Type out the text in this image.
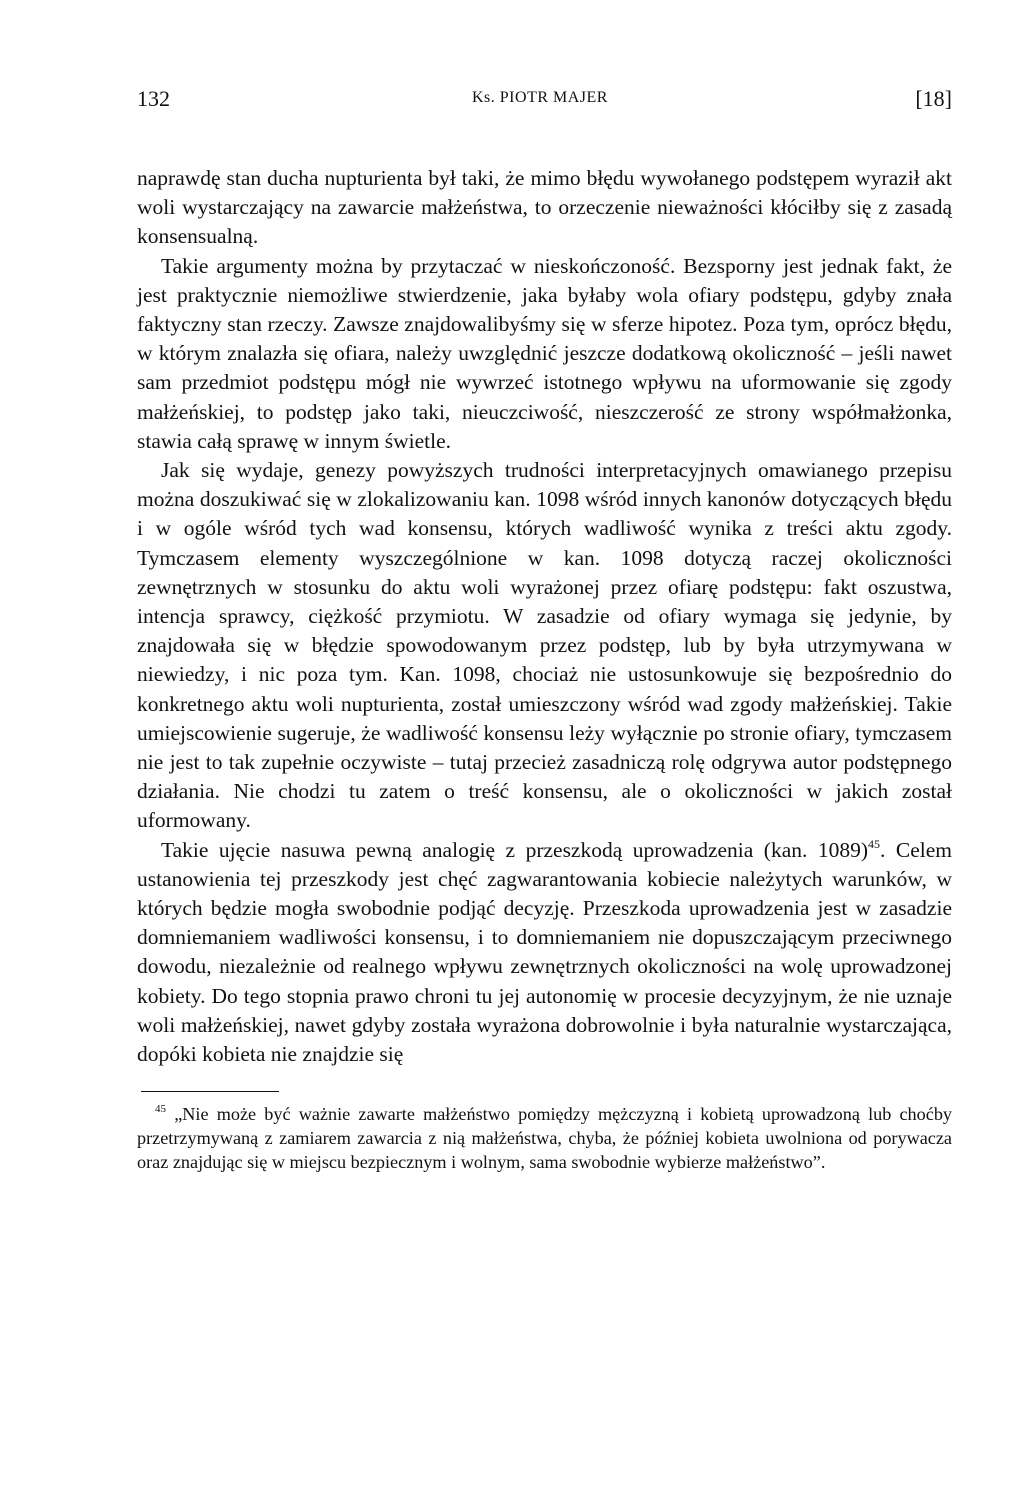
132	Ks. PIOTR MAJER	[18]

naprawdę stan ducha nupturienta był taki, że mimo błędu wywołanego podstępem wyraził akt woli wystarczający na zawarcie małżeństwa, to orzeczenie nieważności kłóciłby się z zasadą konsensualną.

Takie argumenty można by przytaczać w nieskończoność. Bezsporny jest jednak fakt, że jest praktycznie niemożliwe stwierdzenie, jaka byłaby wola ofiary podstępu, gdyby znała faktyczny stan rzeczy. Zawsze znajdowalibyśmy się w sferze hipotez. Poza tym, oprócz błędu, w którym znalazła się ofiara, należy uwzględnić jeszcze dodatkową okoliczność – jeśli nawet sam przedmiot podstępu mógł nie wywrzeć istotnego wpływu na uformowanie się zgody małżeńskiej, to podstęp jako taki, nieuczciwość, nieszczerość ze strony współmałżonka, stawia całą sprawę w innym świetle.

Jak się wydaje, genezy powyższych trudności interpretacyjnych omawianego przepisu można doszukiwać się w zlokalizowaniu kan. 1098 wśród innych kanonów dotyczących błędu i w ogóle wśród tych wad konsensu, których wadliwość wynika z treści aktu zgody. Tymczasem elementy wyszczególnione w kan. 1098 dotyczą raczej okoliczności zewnętrznych w stosunku do aktu woli wyrażonej przez ofiarę podstępu: fakt oszustwa, intencja sprawcy, ciężkość przymiotu. W zasadzie od ofiary wymaga się jedynie, by znajdowała się w błędzie spowodowanym przez podstęp, lub by była utrzymywana w niewiedzy, i nic poza tym. Kan. 1098, chociaż nie ustosunkowuje się bezpośrednio do konkretnego aktu woli nupturienta, został umieszczony wśród wad zgody małżeńskiej. Takie umiejscowienie sugeruje, że wadliwość konsensu leży wyłącznie po stronie ofiary, tymczasem nie jest to tak zupełnie oczywiste – tutaj przecież zasadniczą rolę odgrywa autor podstępnego działania. Nie chodzi tu zatem o treść konsensu, ale o okoliczności w jakich został uformowany.

Takie ujęcie nasuwa pewną analogię z przeszkodą uprowadzenia (kan. 1089)$^{45}$. Celem ustanowienia tej przeszkody jest chęć zagwarantowania kobiecie należytych warunków, w których będzie mogła swobodnie podjąć decyzję. Przeszkoda uprowadzenia jest w zasadzie domniemaniem wadliwości konsensu, i to domniemaniem nie dopuszczającym przeciwnego dowodu, niezależnie od realnego wpływu zewnętrznych okoliczności na wolę uprowadzonej kobiety. Do tego stopnia prawo chroni tu jej autonomię w procesie decyzyjnym, że nie uznaje woli małżeńskiej, nawet gdyby została wyrażona dobrowolnie i była naturalnie wystarczająca, dopóki kobieta nie znajdzie się

$^{45}$ „Nie może być ważnie zawarte małżeństwo pomiędzy mężczyzną i kobietą uprowadzoną lub choćby przetrzymywaną z zamiarem zawarcia z nią małżeństwa, chyba, że później kobieta uwolniona od porywacza oraz znajdując się w miejscu bezpiecznym i wolnym, sama swobodnie wybierze małżeństwo”.
